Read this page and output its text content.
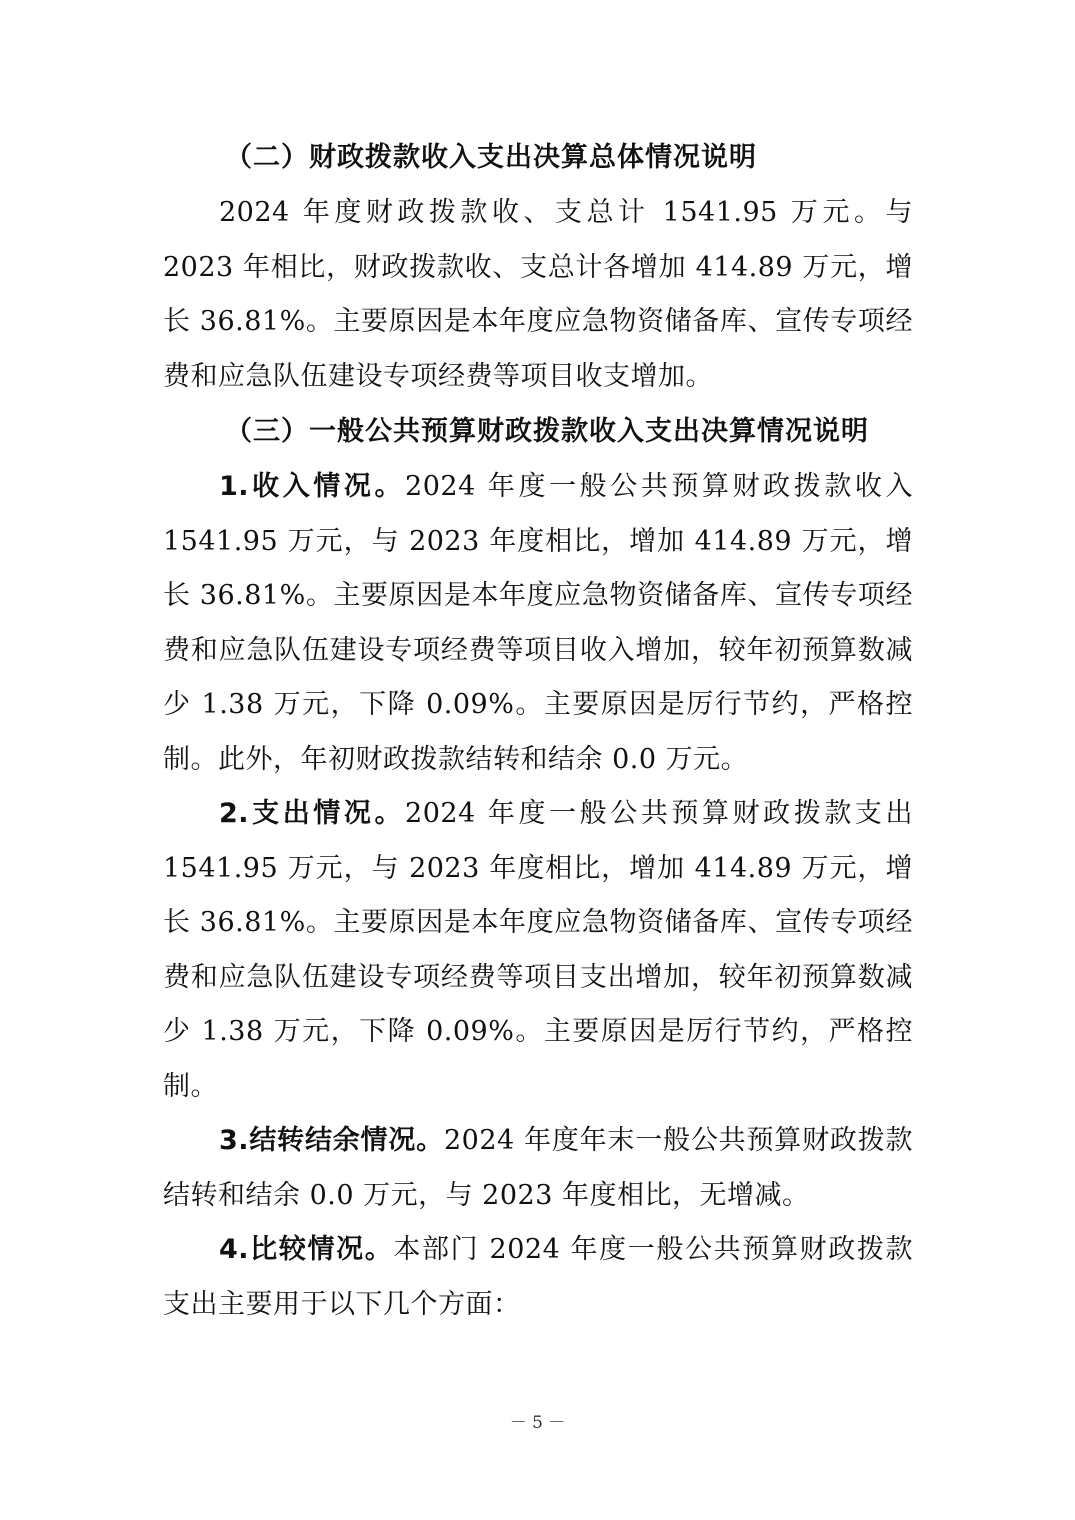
（二）财政拨款收入支出决算总体情况说明

2024 年度财政拨款收、支总计 1541.95 万元。与 2023 年相比，财政拨款收、支总计各增加 414.89 万元，增长 36.81%。主要原因是本年度应急物资储备库、宣传专项经费和应急队伍建设专项经费等项目收支增加。

（三）一般公共预算财政拨款收入支出决算情况说明

1.收入情况。2024 年度一般公共预算财政拨款收入 1541.95 万元，与 2023 年度相比，增加 414.89 万元，增长 36.81%。主要原因是本年度应急物资储备库、宣传专项经费和应急队伍建设专项经费等项目收入增加，较年初预算数减少 1.38 万元，下降 0.09%。主要原因是厉行节约，严格控制。此外，年初财政拨款结转和结余 0.0 万元。

2.支出情况。2024 年度一般公共预算财政拨款支出 1541.95 万元，与 2023 年度相比，增加 414.89 万元，增长 36.81%。主要原因是本年度应急物资储备库、宣传专项经费和应急队伍建设专项经费等项目支出增加，较年初预算数减少 1.38 万元，下降 0.09%。主要原因是厉行节约，严格控制。

3.结转结余情况。2024 年度年末一般公共预算财政拨款结转和结余 0.0 万元，与 2023 年度相比，无增减。

4.比较情况。本部门 2024 年度一般公共预算财政拨款支出主要用于以下几个方面：

－ 5 －
